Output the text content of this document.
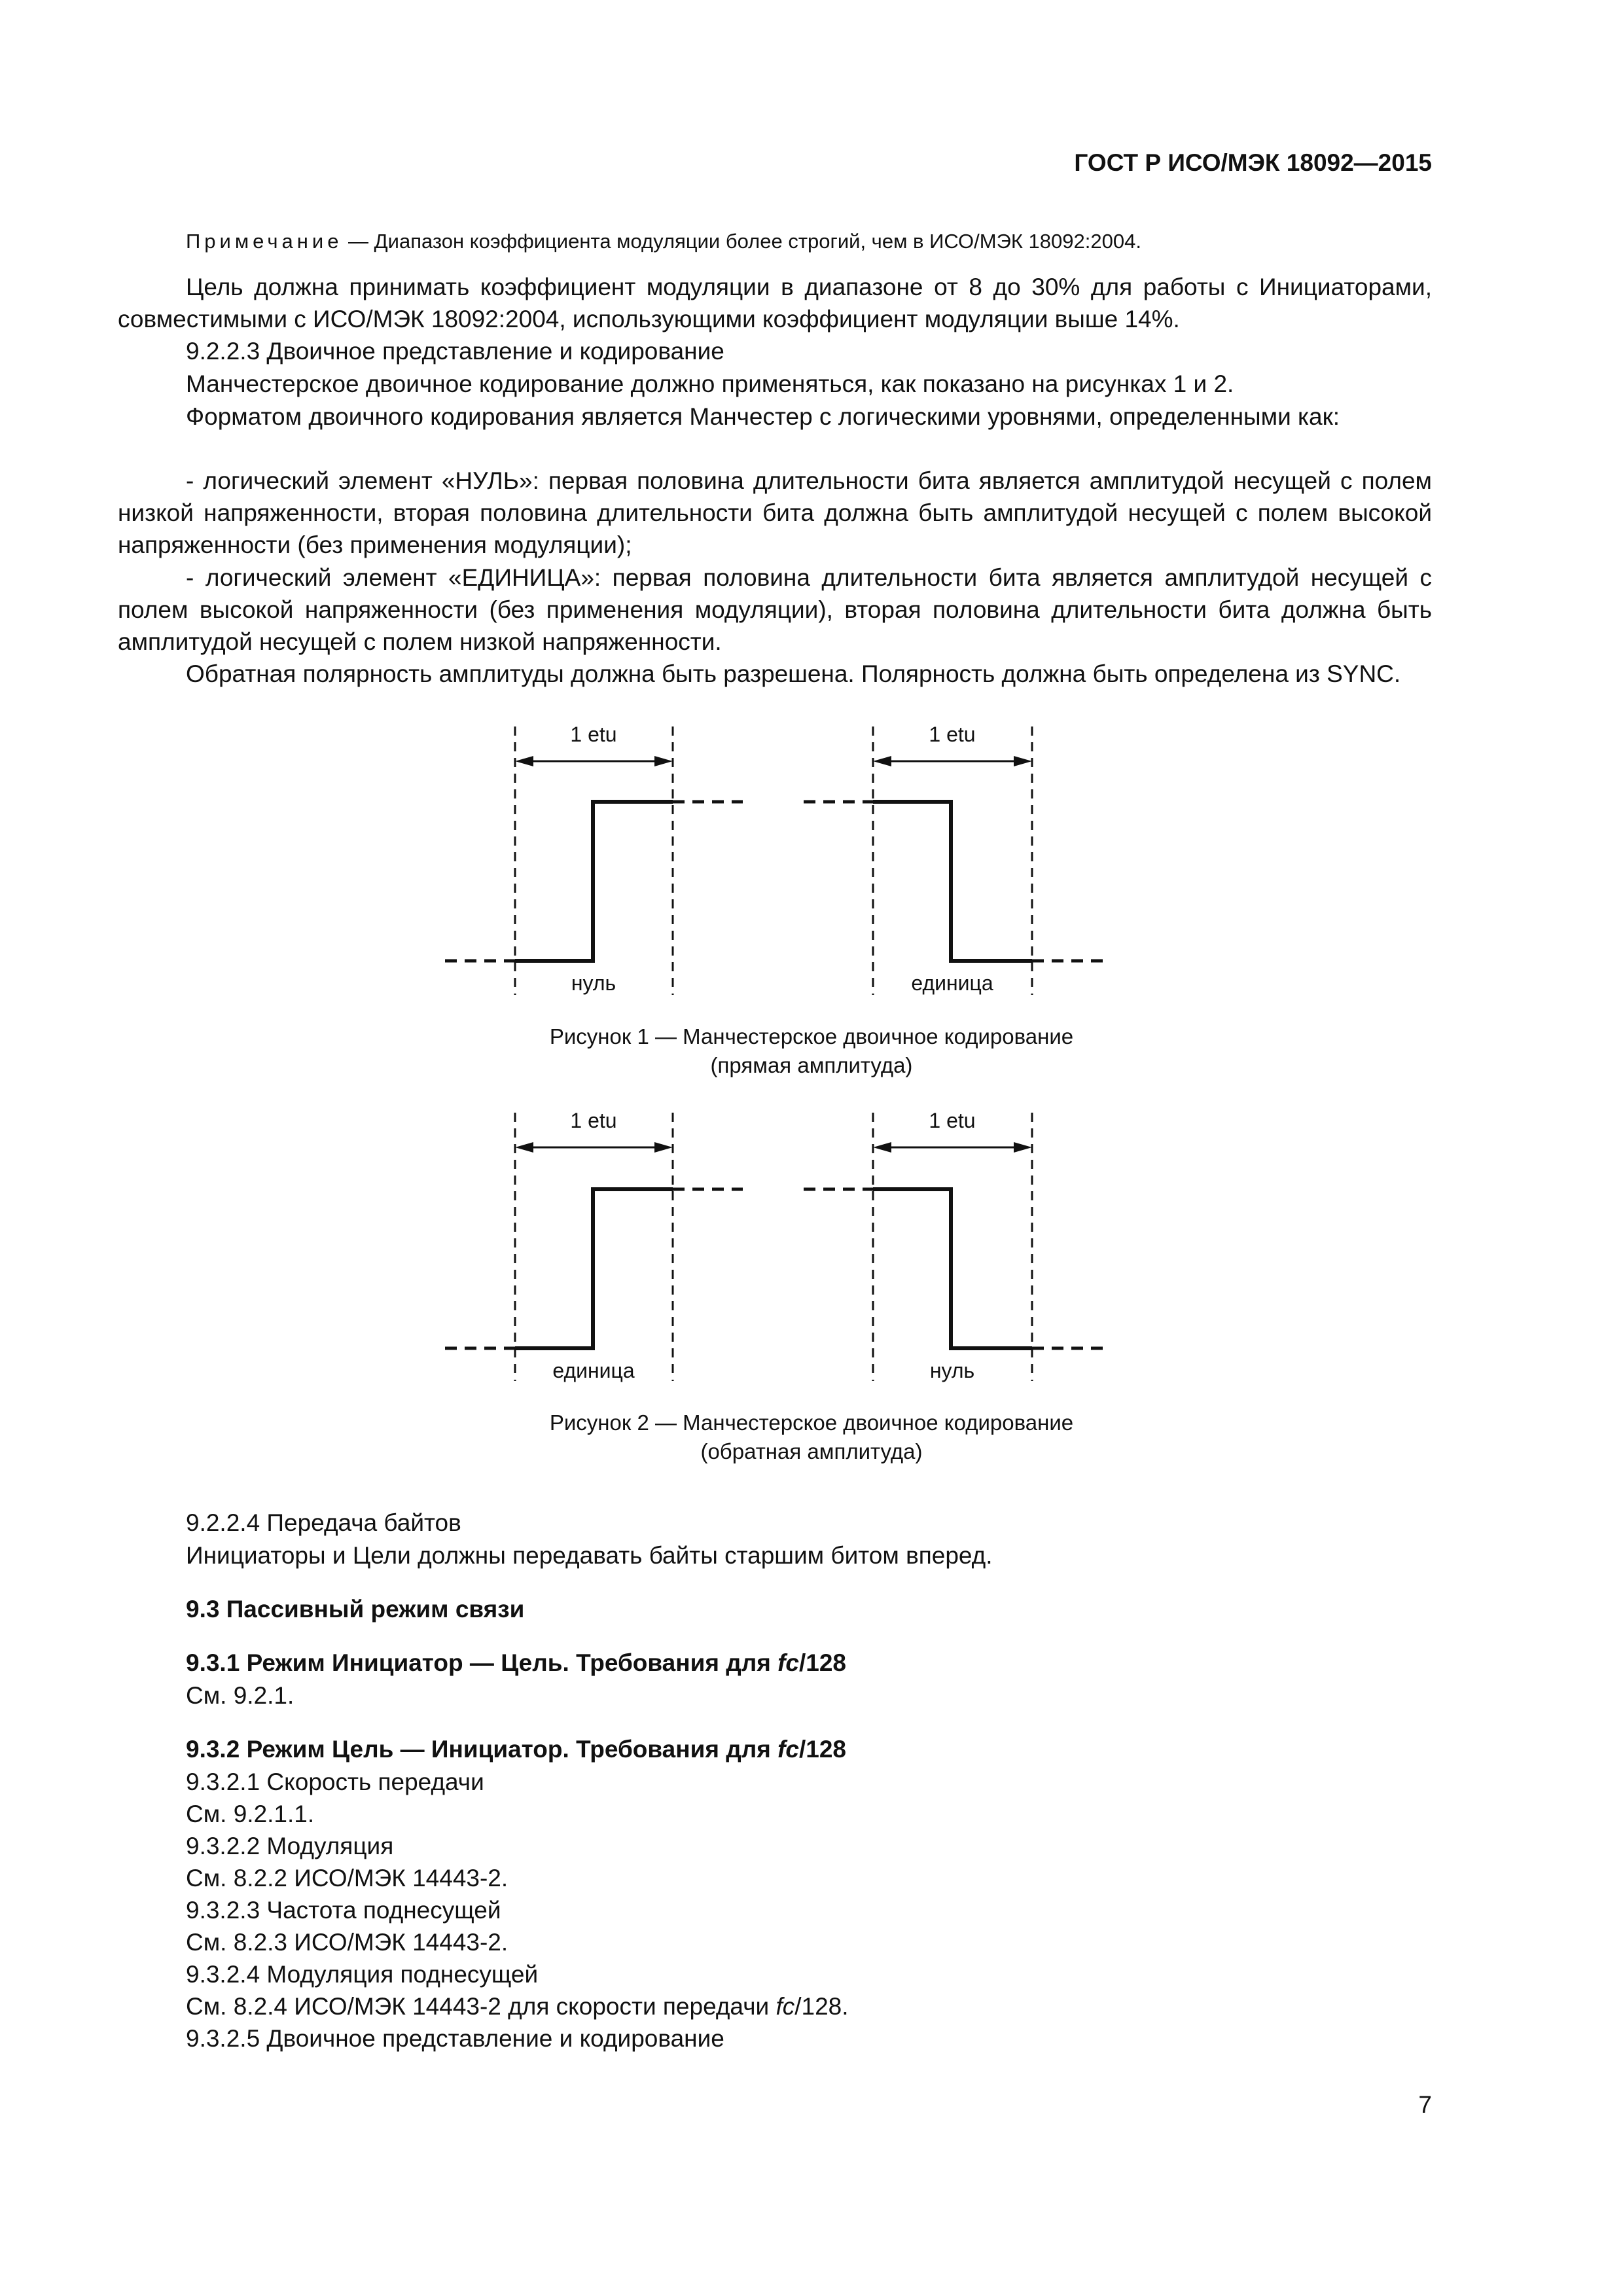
ГОСТ Р ИСО/МЭК 18092—2015
Примечание — Диапазон коэффициента модуляции более строгий, чем в ИСО/МЭК 18092:2004.
Цель должна принимать коэффициент модуляции в диапазоне от 8 до 30% для работы с Инициаторами, совместимыми с ИСО/МЭК 18092:2004, использующими коэффициент модуляции выше 14%.
9.2.2.3 Двоичное представление и кодирование
Манчестерское двоичное кодирование должно применяться, как показано на рисунках 1 и 2.
Форматом двоичного кодирования является Манчестер с логическими уровнями, определенными как:
- логический элемент «НУЛЬ»: первая половина длительности бита является амплитудой несущей с полем низкой напряженности, вторая половина длительности бита должна быть амплитудой несущей с полем высокой напряженности (без применения модуляции);
- логический элемент «ЕДИНИЦА»: первая половина длительности бита является амплитудой несущей с полем высокой напряженности (без применения модуляции), вторая половина длительности бита должна быть амплитудой несущей с полем низкой напряженности.
Обратная полярность амплитуды должна быть разрешена. Полярность должна быть определена из SYNC.
1 etu	1 etu
нуль	единица
Рисунок 1 — Манчестерское двоичное кодирование
(прямая амплитуда)
1 etu	1 etu
единица	нуль
Рисунок 2 — Манчестерское двоичное кодирование
(обратная амплитуда)
9.2.2.4 Передача байтов
Инициаторы и Цели должны передавать байты старшим битом вперед.
9.3 Пассивный режим связи
9.3.1 Режим Инициатор — Цель. Требования для fc/128
См. 9.2.1.
9.3.2 Режим Цель — Инициатор. Требования для fc/128
9.3.2.1 Скорость передачи
См. 9.2.1.1.
9.3.2.2 Модуляция
См. 8.2.2 ИСО/МЭК 14443-2.
9.3.2.3 Частота поднесущей
См. 8.2.3 ИСО/МЭК 14443-2.
9.3.2.4 Модуляция поднесущей
См. 8.2.4 ИСО/МЭК 14443-2 для скорости передачи fc/128.
9.3.2.5 Двоичное представление и кодирование
7
